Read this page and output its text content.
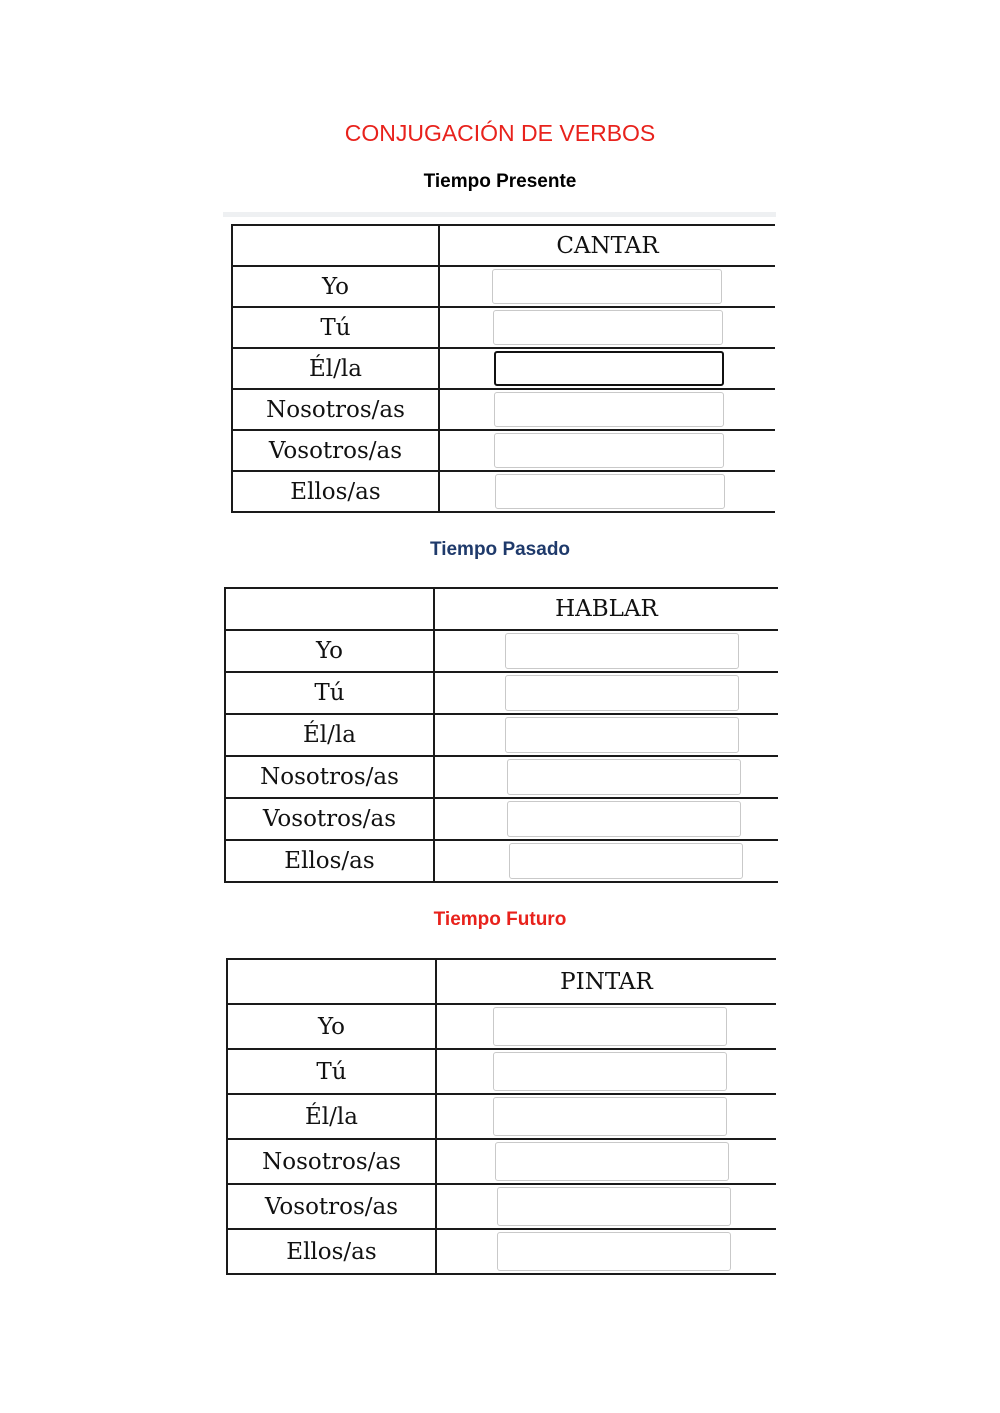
CONJUGACIÓN DE VERBOS
Tiempo Presente
	CANTAR
Yo	

Tú	

Él/la	

Nosotros/as	

Vosotros/as	

Ellos/as	
Tiempo Pasado
	HABLAR
Yo	

Tú	

Él/la	

Nosotros/as	

Vosotros/as	

Ellos/as	
Tiempo Futuro
	PINTAR
Yo	

Tú	

Él/la	

Nosotros/as	

Vosotros/as	

Ellos/as	
